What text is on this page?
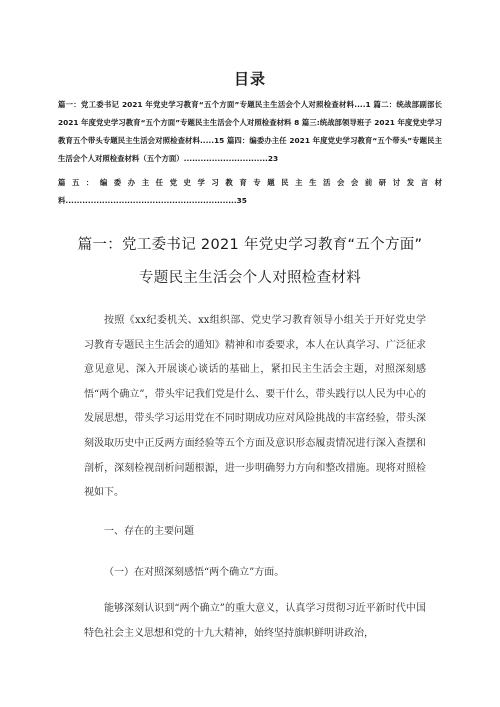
目录
篇一：党工委书记 2021 年党史学习教育“五个方面”专题民主生活会个人对照检查材料....1 篇二：统战部副部长 2021 年度党史学习教育“五个方面”专题民主生活会个人对照检查材料 8 篇三:统战部领导班子 2021 年度党史学习教育五个带头专题民主生活会对照检查材料.....15 篇四：编委办主任 2021 年度党史学习教育“五个带头”专题民主生活会个人对照检查材料（五个方面）..............................23
篇五：编委办主任党史学习教育专题民主生活会会前研讨发言材料.............................................................35
篇一：党工委书记 2021 年党史学习教育“五个方面”
专题民主生活会个人对照检查材料
按照《xx纪委机关、xx组织部、党史学习教育领导小组关于开好党史学习教育专题民主生活会的通知》精神和市委要求，本人在认真学习、广泛征求意见意见、深入开展谈心谈话的基础上，紧扣民主生活会主题，对照深刻感悟“两个确立”，带头牢记我们党是什么、要干什么，带头践行以人民为中心的发展思想，带头学习运用党在不同时期成功应对风险挑战的丰富经验，带头深刻汲取历史中正反两方面经验等五个方面及意识形态履责情况进行深入查摆和剖析，深刻检视剖析问题根源，进一步明确努力方向和整改措施。现将对照检视如下。
一、存在的主要问题
（一）在对照深刻感悟“两个确立”方面。
能够深刻认识到“两个确立”的重大意义，认真学习贯彻习近平新时代中国特色社会主义思想和党的十九大精神，始终坚持旗帜鲜明讲政治，
